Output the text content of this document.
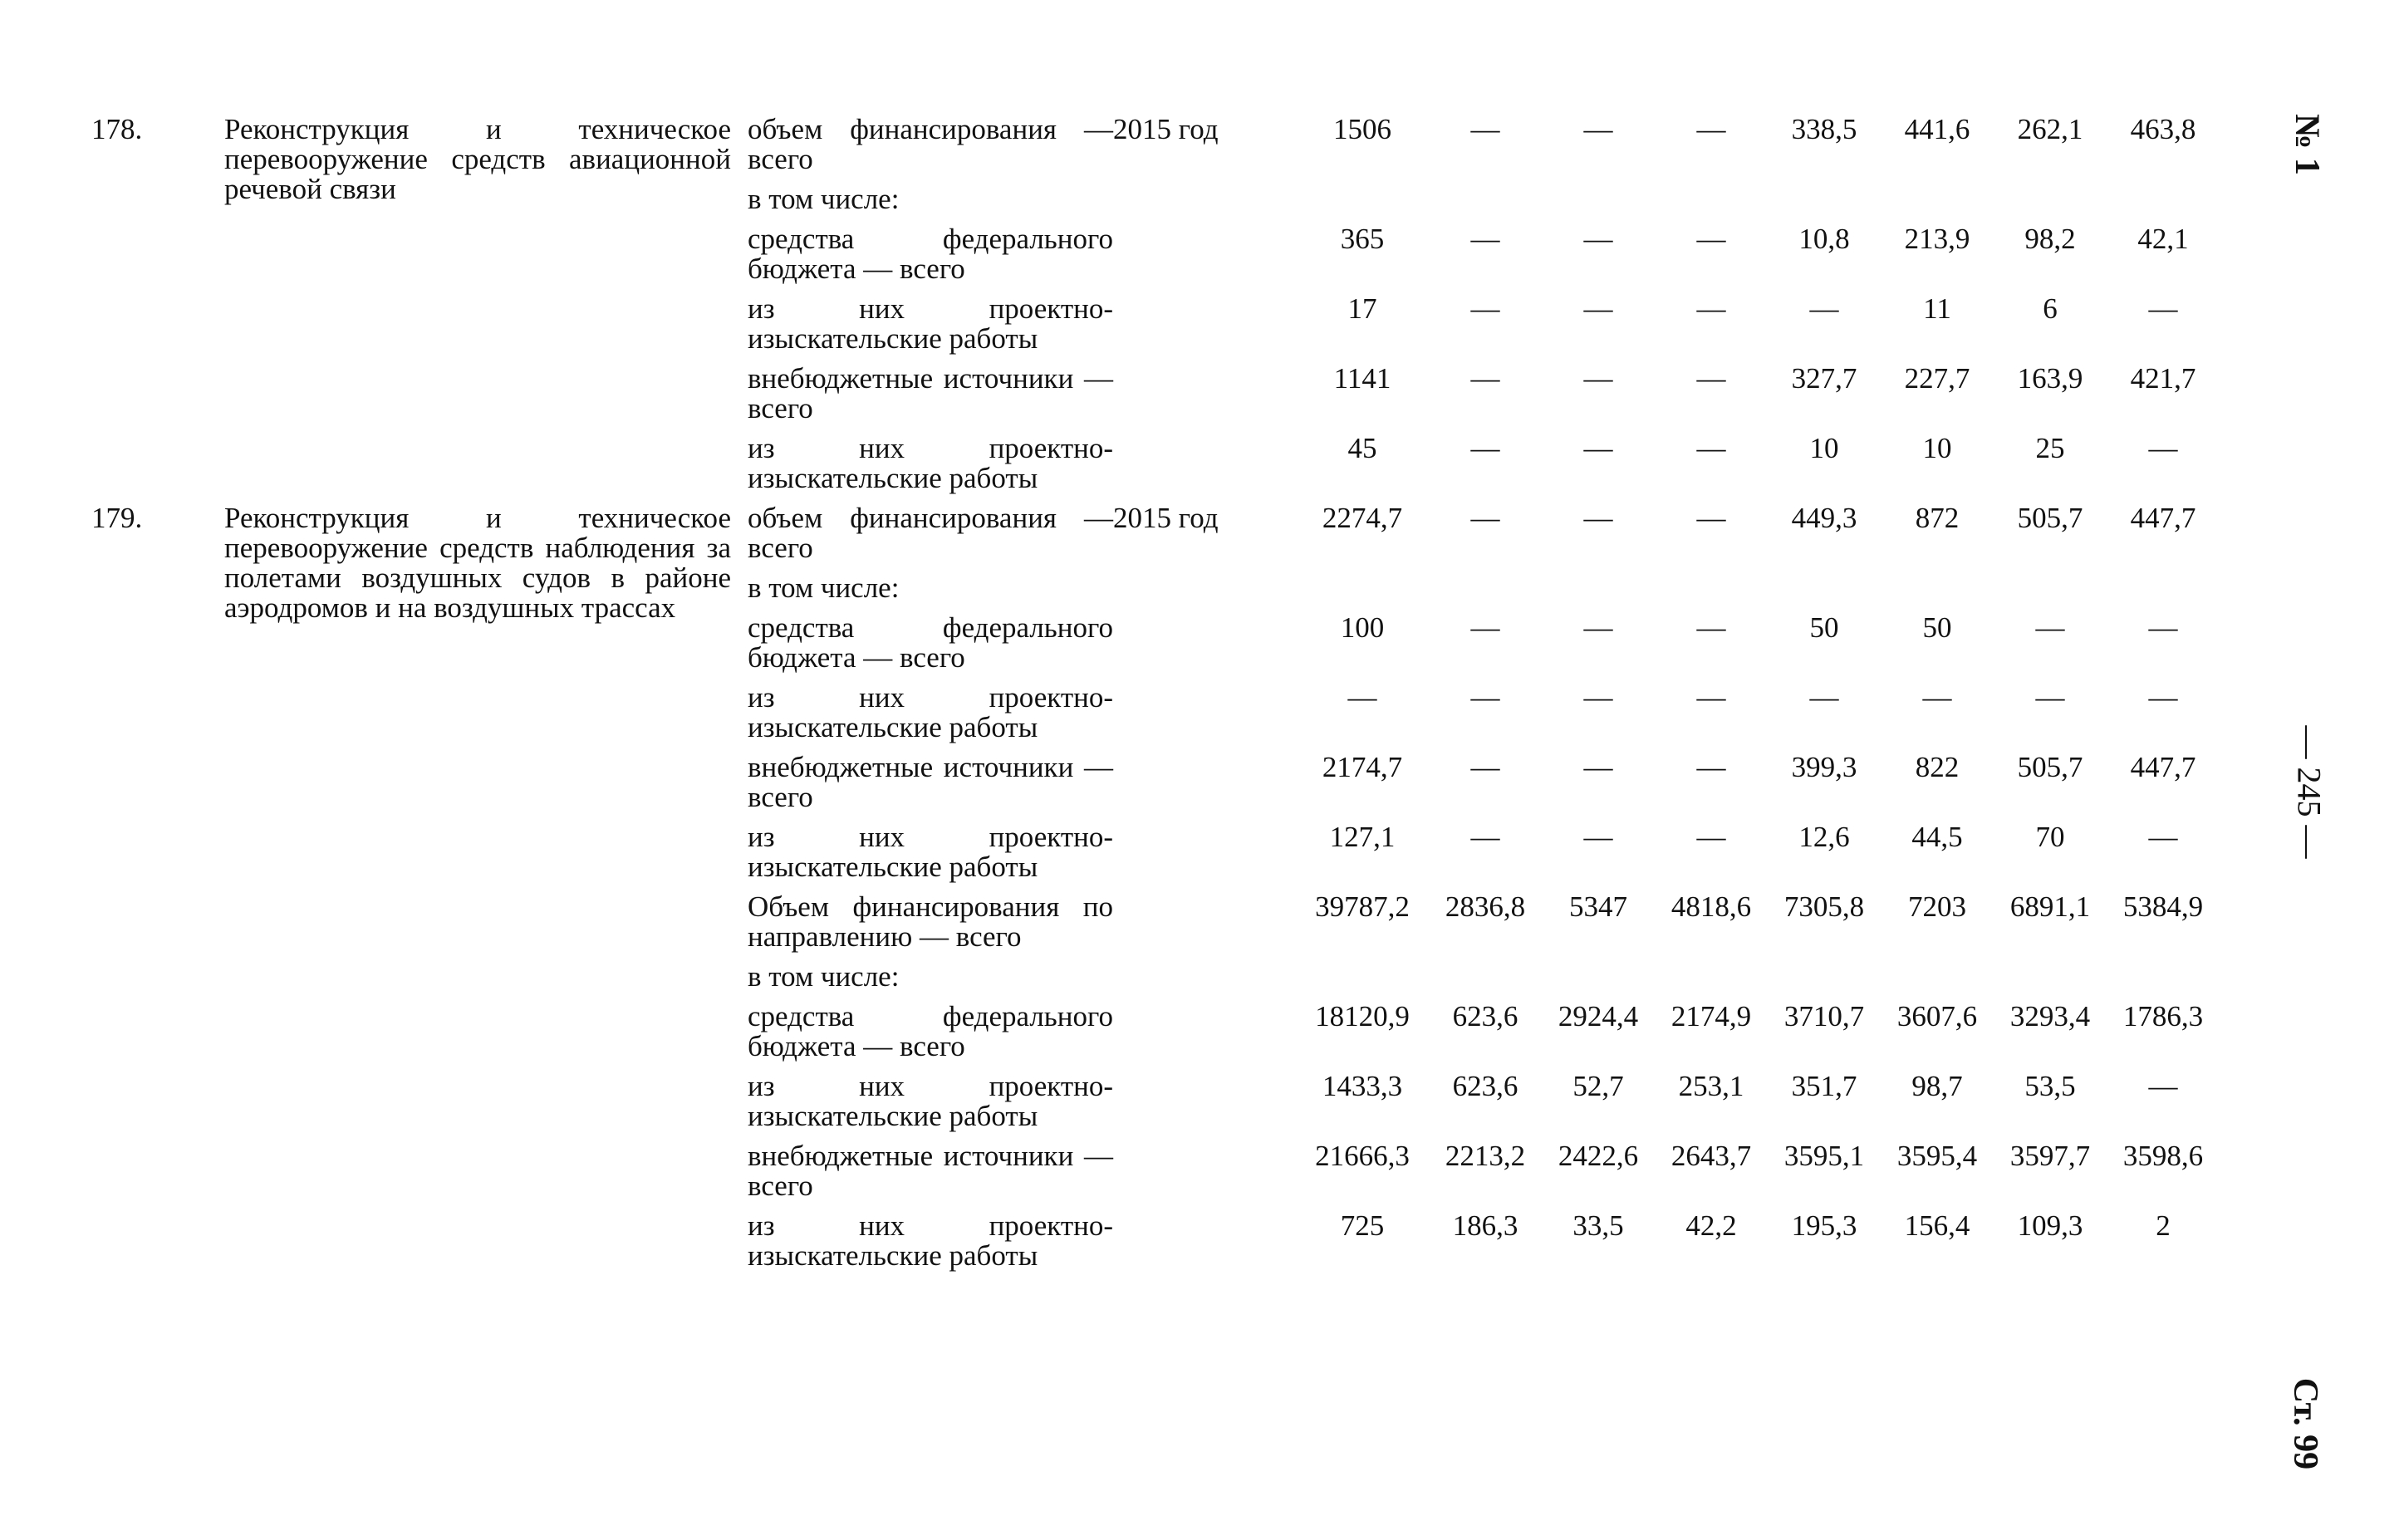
178.	Реконструкция и техническое перевооружение средств авиационной речевой связи	объем финансирования — всего	2015 год	1506	—	—	—	338,5	441,6	262,1	463,8
		в том числе:									
		средства федерального бюджета — всего		365	—	—	—	10,8	213,9	98,2	42,1
		из них проектно-изыскательские работы		17	—	—	—	—	11	6	—
		внебюджетные источники — всего		1141	—	—	—	327,7	227,7	163,9	421,7
		из них проектно-изыскательские работы		45	—	—	—	10	10	25	—
179.	Реконструкция и техническое перевооружение средств наблюдения за полетами воздушных судов в районе аэродромов и на воздушных трассах	объем финансирования — всего	2015 год	2274,7	—	—	—	449,3	872	505,7	447,7
		в том числе:									
		средства федерального бюджета — всего		100	—	—	—	50	50	—	—
		из них проектно-изыскательские работы		—	—	—	—	—	—	—	—
		внебюджетные источники — всего		2174,7	—	—	—	399,3	822	505,7	447,7
		из них проектно-изыскательские работы		127,1	—	—	—	12,6	44,5	70	—
		Объем финансирования по направлению — всего		39787,2	2836,8	5347	4818,6	7305,8	7203	6891,1	5384,9
		в том числе:									
		средства федерального бюджета — всего		18120,9	623,6	2924,4	2174,9	3710,7	3607,6	3293,4	1786,3
		из них проектно-изыскательские работы		1433,3	623,6	52,7	253,1	351,7	98,7	53,5	—
		внебюджетные источники — всего		21666,3	2213,2	2422,6	2643,7	3595,1	3595,4	3597,7	3598,6
		из них проектно-изыскательские работы		725	186,3	33,5	42,2	195,3	156,4	109,3	2
№ 1
— 245 —
Ст. 99
